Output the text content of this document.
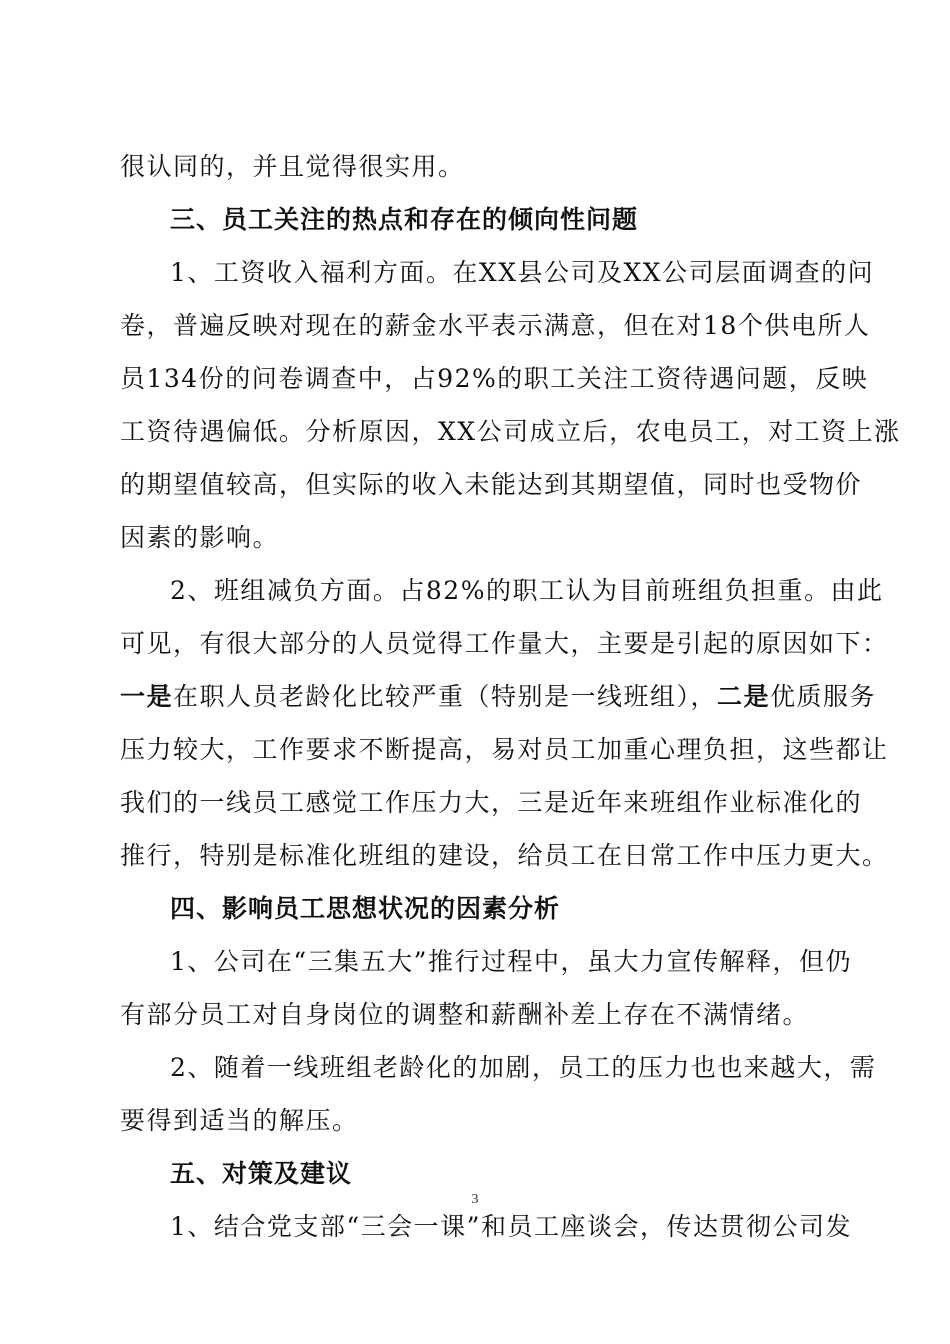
很认同的，并且觉得很实用。
三、员工关注的热点和存在的倾向性问题
1、工资收入福利方面。在XX县公司及XX公司层面调查的问
卷，普遍反映对现在的薪金水平表示满意，但在对18个供电所人
员134份的问卷调查中，占92%的职工关注工资待遇问题，反映
工资待遇偏低。分析原因，XX公司成立后，农电员工，对工资上涨
的期望值较高，但实际的收入未能达到其期望值，同时也受物价
因素的影响。
2、班组减负方面。占82%的职工认为目前班组负担重。由此
可见，有很大部分的人员觉得工作量大，主要是引起的原因如下：
一是在职人员老龄化比较严重（特别是一线班组），二是优质服务
压力较大，工作要求不断提高，易对员工加重心理负担，这些都让
我们的一线员工感觉工作压力大，三是近年来班组作业标准化的
推行，特别是标准化班组的建设，给员工在日常工作中压力更大。
四、影响员工思想状况的因素分析
1、公司在“三集五大”推行过程中，虽大力宣传解释，但仍
有部分员工对自身岗位的调整和薪酬补差上存在不满情绪。
2、随着一线班组老龄化的加剧，员工的压力也也来越大，需
要得到适当的解压。
五、对策及建议
1、结合党支部“三会一课”和员工座谈会，传达贯彻公司发
3
